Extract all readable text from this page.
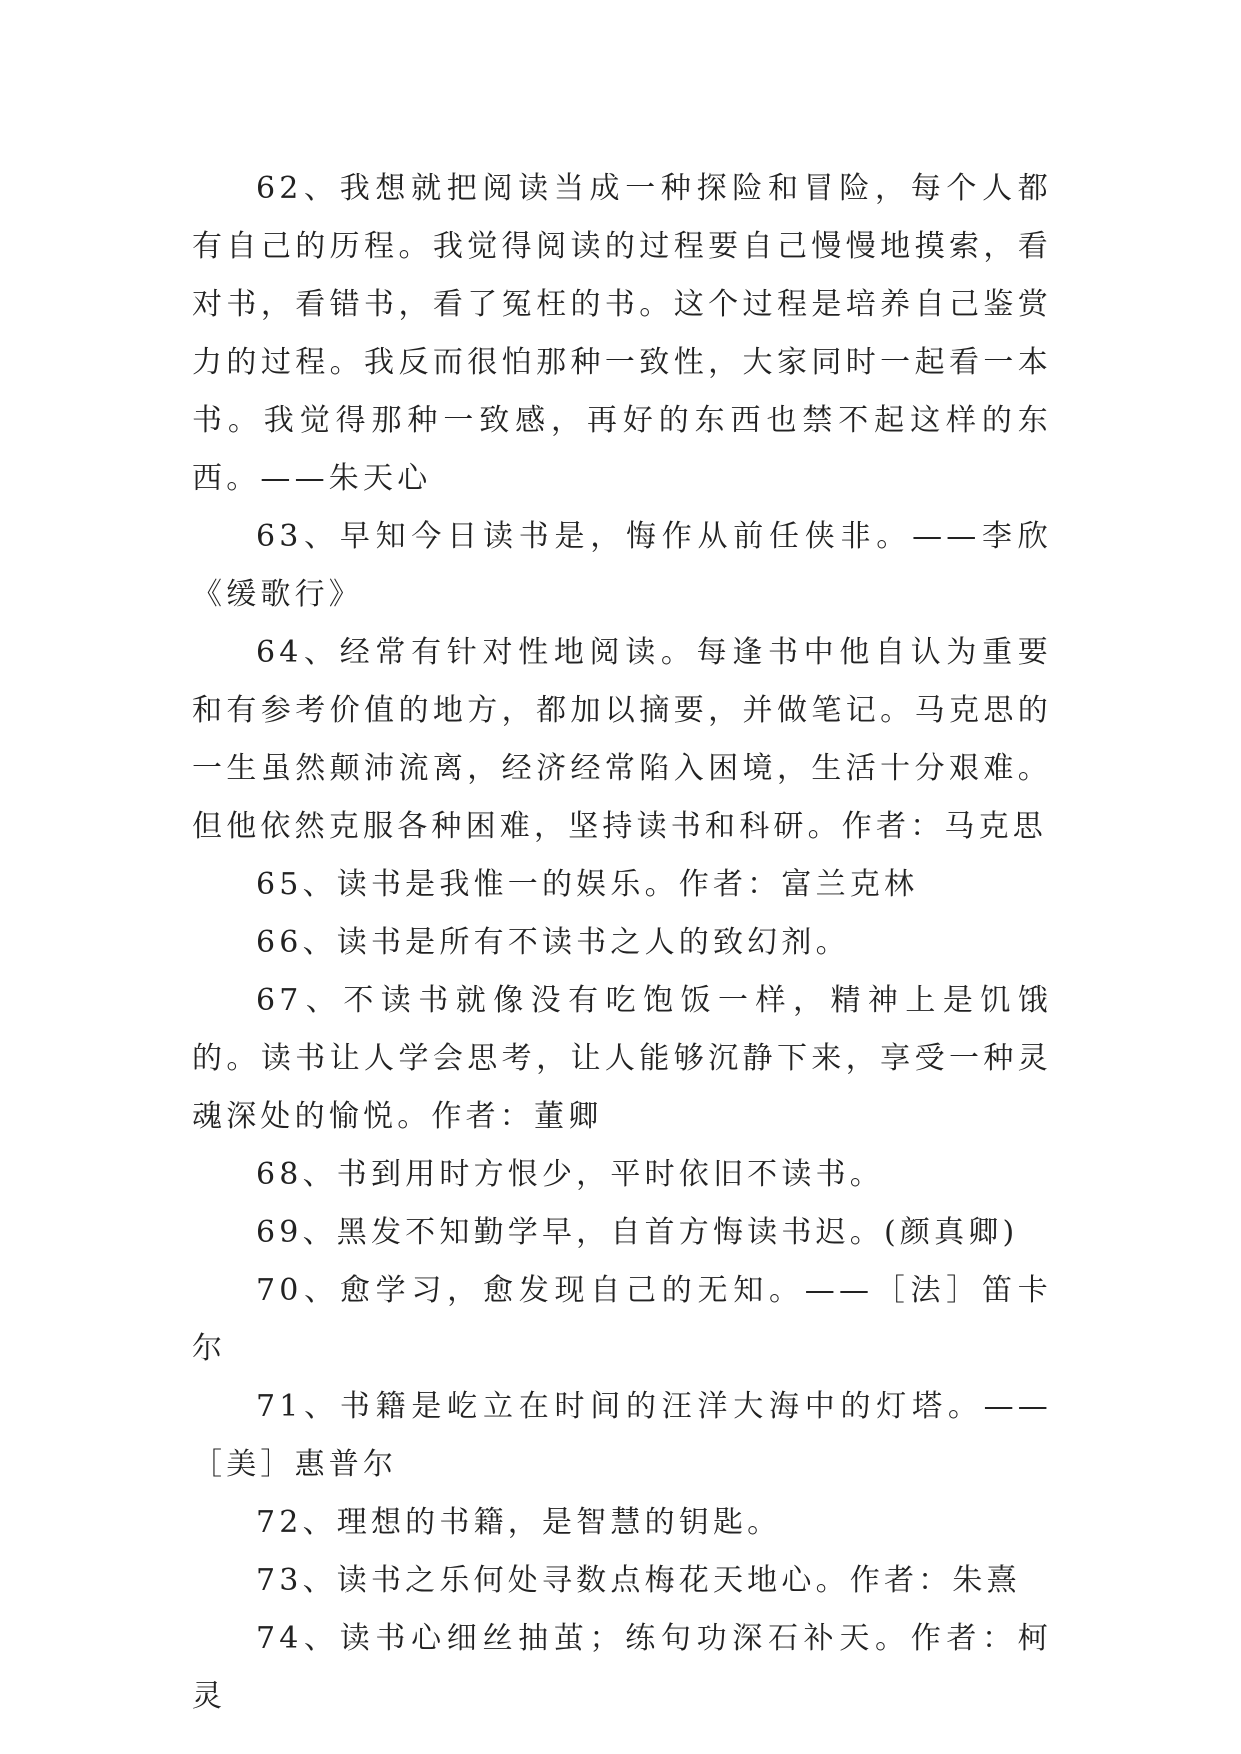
62、我想就把阅读当成一种探险和冒险，每个人都有自己的历程。我觉得阅读的过程要自己慢慢地摸索，看对书，看错书，看了冤枉的书。这个过程是培养自己鉴赏力的过程。我反而很怕那种一致性，大家同时一起看一本书。我觉得那种一致感，再好的东西也禁不起这样的东西。——朱天心

63、早知今日读书是，悔作从前任侠非。——李欣《缓歌行》

64、经常有针对性地阅读。每逢书中他自认为重要和有参考价值的地方，都加以摘要，并做笔记。马克思的一生虽然颠沛流离，经济经常陷入困境，生活十分艰难。但他依然克服各种困难，坚持读书和科研。作者：马克思

65、读书是我惟一的娱乐。作者：富兰克林

66、读书是所有不读书之人的致幻剂。

67、不读书就像没有吃饱饭一样，精神上是饥饿的。读书让人学会思考，让人能够沉静下来，享受一种灵魂深处的愉悦。作者：董卿

68、书到用时方恨少，平时依旧不读书。

69、黑发不知勤学早，自首方悔读书迟。(颜真卿)

70、愈学习，愈发现自己的无知。——［法］笛卡尔

71、书籍是屹立在时间的汪洋大海中的灯塔。——［美］惠普尔

72、理想的书籍，是智慧的钥匙。

73、读书之乐何处寻数点梅花天地心。作者：朱熹

74、读书心细丝抽茧；练句功深石补天。作者：柯灵
